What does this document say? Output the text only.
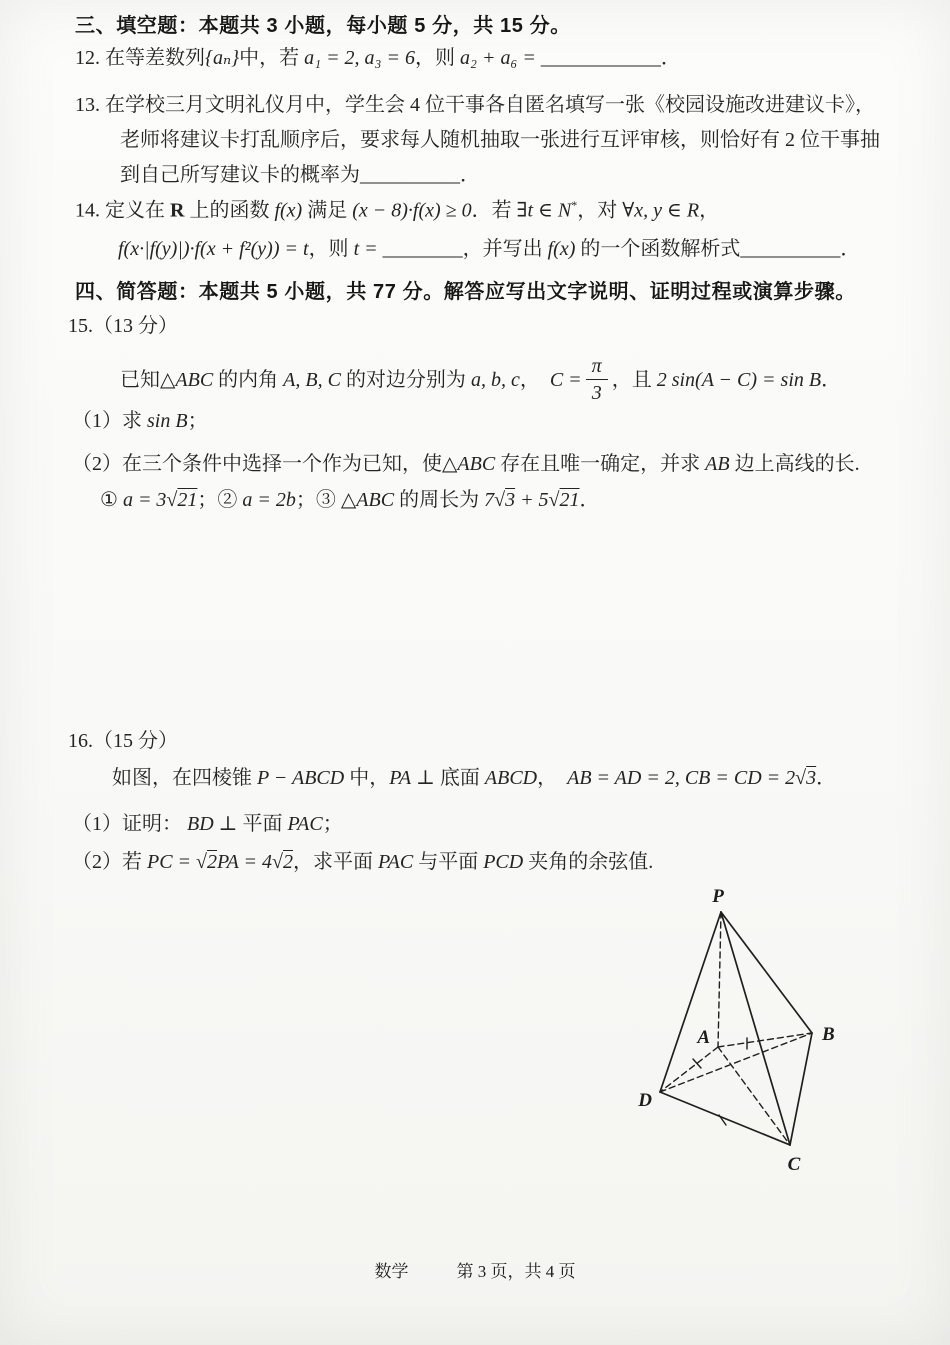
三、填空题：本题共 3 小题，每小题 5 分，共 15 分。
12. 在等差数列{aₙ}中，若 a₁ = 2, a₃ = 6，则 a₂ + a₆ = ____________．
13. 在学校三月文明礼仪月中，学生会 4 位干事各自匿名填写一张《校园设施改进建议卡》，
老师将建议卡打乱顺序后，要求每人随机抽取一张进行互评审核，则恰好有 2 位干事抽
到自己所写建议卡的概率为__________．
14. 定义在 R 上的函数 f(x) 满足 (x − 8)·f(x) ≥ 0．若 ∃t ∈ N*，对 ∀x, y ∈ R，
f(x·|f(y)|)·f(x + f²(y)) = t，则 t = ________，并写出 f(x) 的一个函数解析式__________．
四、简答题：本题共 5 小题，共 77 分。解答应写出文字说明、证明过程或演算步骤。
15.（13 分）
已知△ABC 的内角 A, B, C 的对边分别为 a, b, c，　$C = \frac{\pi}{3}$ ，且 2 sin(A − C) = sin B．
（1）求 sin B；
（2）在三个条件中选择一个作为已知，使△ABC 存在且唯一确定，并求 AB 边上高线的长.
① a = 3√21；② a = 2b；③ △ABC 的周长为 7√3 + 5√21．
16.（15 分）
如图，在四棱锥 P − ABCD 中，PA ⊥ 底面 ABCD，　AB = AD = 2, CB = CD = 2√3．
（1）证明： BD ⊥ 平面 PAC；
（2）若 PC = √2PA = 4√2，求平面 PAC 与平面 PCD 夹角的余弦值.
P
A	B
D
C
数学	第 3 页，共 4 页
